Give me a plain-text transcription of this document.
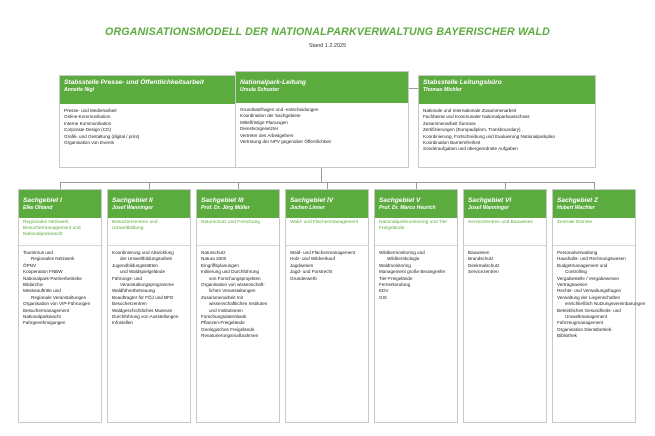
ORGANISATIONSMODELL DER NATIONALPARKVERWALTUNG BAYERISCHER WALD
Stand 1.2.2025
Stabsstelle Presse- und Öffentlichkeitsarbeit
Annette Nigl
Presse- und Medienarbeit
Online-Kommunikation
Interne Kommunikation
Corporate Design (CD)
Grafik- und Gestaltung (digital / print)
Organisation von Events
Nationalpark-Leitung
Ursula Schuster
Grundsatzfragen und -entscheidungen
Koordination der Sachgebiete
Mittelfristige Planungen
Dienstvorgesetzter
Vertreter des Arbeitgebers
Vertretung der NPV gegenüber Öffentlichkeit
Stabsstelle Leitungsbüro
Thomas Michler
Nationale und Internationale Zusammenarbeit
Fachbeirat und Kommunaler Nationalparkausschuss
Zusammenarbeit Šumava
Zertifizierungen (Europadiplom, Transboundary)
Koordinierung, Fortschreibung und Evaluierung Nationalparkplan
Koordination Barrierefreiheit
Sonderaufgaben und übergeordnete Aufgaben
Sachgebiet I
Elke Ohland
Regionales Netzwerk, Besuchermanagement und Nationalparkwacht
Tourismus und
Regionales Netzwerk
ÖPNV
Kooperation FNBW
Nationalpark-Partnerbetriebe
Bildarchiv
Messeauftritte und
Regionale Veranstaltungen
Organisation von VIP-Führungen
Besuchermanagement
Nationalparkwacht
Fahrgenehmigungen
Sachgebiet II
Josef Wanninger
Besucherzentren und Umweltbildung
Koordinierung und Abwicklung
der Umweltbildungsarbeit
Jugendbildungsstätten
und Waldspielgelände
Führungs- und
Veranstaltungsprogramme
Waldführerbetreuung
Beauftragter für FÖJ und BFD
Besucherzentren
Waldgeschichtliches Museum
Durchführung von Ausstellungen
Infostellen
Sachgebiet III
Prof. Dr. Jörg Müller
Naturschutz und Forschung
Naturschutz
Natura 2000
Eingriffsplanungen
Initiierung und Durchführung
von Forschungsprojekten
Organisation von wissenschaft-
lichen Veranstaltungen
Zusammenarbeit mit
wissenschaftlichen Instituten
und Institutionen
Forschungsdatenbank
Pflanzen-Freigelände
Geologisches Freigelände
Renaturierungsmaßnahmen
Sachgebiet IV
Jochen Linner
Wald- und Flächenmanagement
Wald- und Flächenmanagement
Holz- und Wildverkauf
Jagdwesen
Jagd- und Forstrecht
Grunderwerb
Sachgebiet V
Prof. Dr. Marco Heurich
Nationalparkmonitoring und Tier-Freigelände
Wildtiermonitoring und
Wildtierökologie
Waldmonitoring
Management große Beutegreifer
Tier-Freigelände
Fernerkundung
EDV
GIS
Sachgebiet VI
Josef Wanninger
Servicezentren und Bauwesen
Bauwesen
Brandschutz
Denkmalschutz
Servicezentren
Sachgebiet Z
Hubert Wachter
Zentrale Dienste
Personalverwaltung
Haushalts- und Rechnungswesen
Budgetmanagement und
Controlling
Vergabestelle / Vergabewesen
Vertragswesen
Rechts- und Verwaltungsfragen
Verwaltung der Liegenschaften
einschließlich Nutzungsvereinbarungen
Betriebliches Gesundheits- und
Umweltmanagement
Fahrzeugmanagement
Organisation Dienstbetrieb
Bibliothek
